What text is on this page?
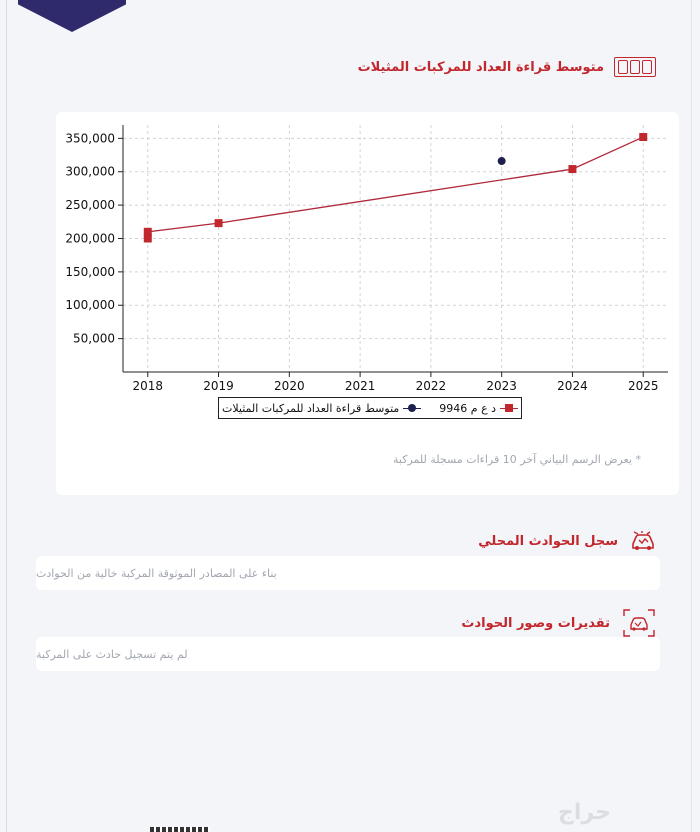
متوسط قراءة العداد للمركبات المثيلات
50,000
100,000
150,000
200,000
250,000
300,000
350,000
2018	2019	2020	2021	2022	2023	2024	2025
د ع م 9946
متوسط قراءة العداد للمركبات المثيلات
* يعرض الرسم البياني آخر 10 قراءات مسجلة للمركبة
سجل الحوادث المحلي
بناء على المصادر الموثوقة المركبة خالية من الحوادث
تقديرات وصور الحوادث
لم يتم تسجيل حادث على المركبة
حراج
